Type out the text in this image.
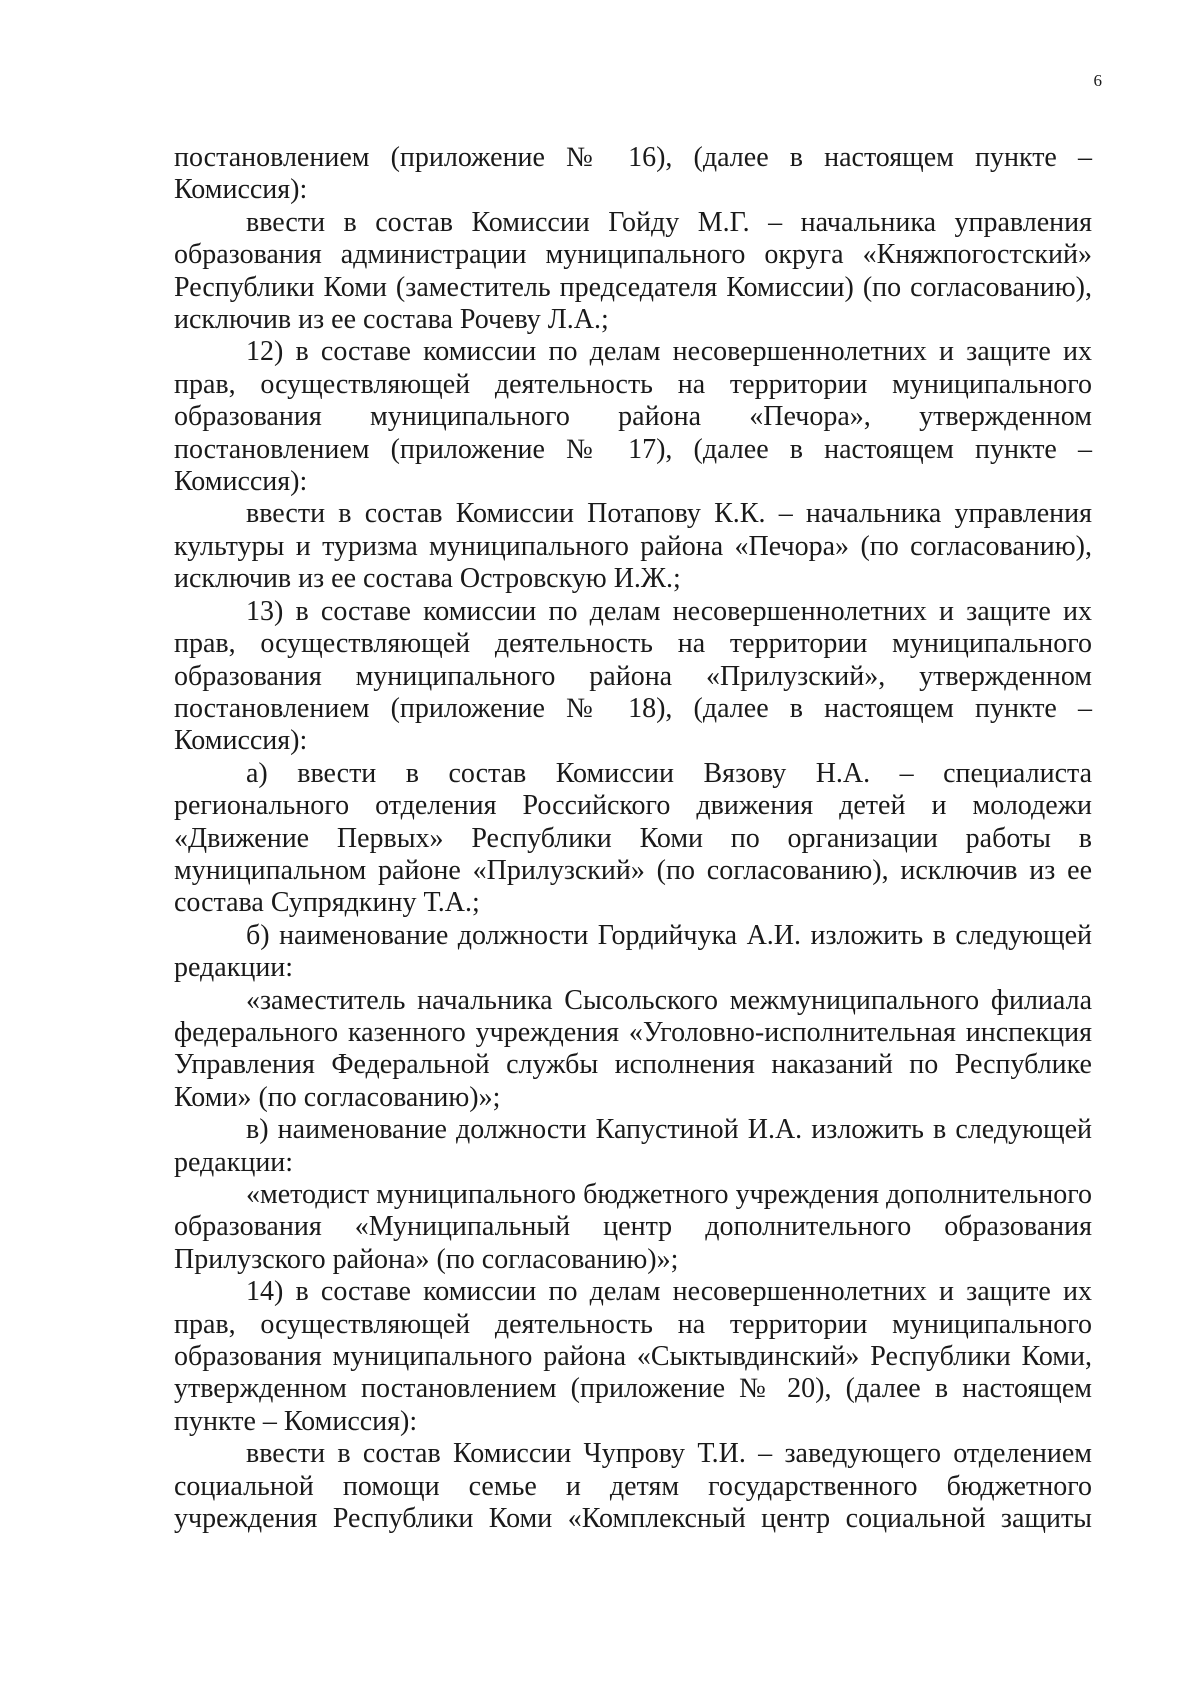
6

постановлением (приложение № 16), (далее в настоящем пункте – Комиссия):

ввести в состав Комиссии Гойду М.Г. – начальника управления образования администрации муниципального округа «Княжпогостский» Республики Коми (заместитель председателя Комиссии) (по согласованию), исключив из ее состава Рочеву Л.А.;

12) в составе комиссии по делам несовершеннолетних и защите их прав, осуществляющей деятельность на территории муниципального образования муниципального района «Печора», утвержденном постановлением (приложение № 17), (далее в настоящем пункте – Комиссия):

ввести в состав Комиссии Потапову К.К. – начальника управления культуры и туризма муниципального района «Печора» (по согласованию), исключив из ее состава Островскую И.Ж.;

13) в составе комиссии по делам несовершеннолетних и защите их прав, осуществляющей деятельность на территории муниципального образования муниципального района «Прилузский», утвержденном постановлением (приложение № 18), (далее в настоящем пункте – Комиссия):

а) ввести в состав Комиссии Вязову Н.А. – специалиста регионального отделения Российского движения детей и молодежи «Движение Первых» Республики Коми по организации работы в муниципальном районе «Прилузский» (по согласованию), исключив из ее состава Супрядкину Т.А.;

б) наименование должности Гордийчука А.И. изложить в следующей редакции:

«заместитель начальника Сысольского межмуниципального филиала федерального казенного учреждения «Уголовно-исполнительная инспекция Управления Федеральной службы исполнения наказаний по Республике Коми» (по согласованию)»;

в) наименование должности Капустиной И.А. изложить в следующей редакции:

«методист муниципального бюджетного учреждения дополнительного образования «Муниципальный центр дополнительного образования Прилузского района» (по согласованию)»;

14) в составе комиссии по делам несовершеннолетних и защите их прав, осуществляющей деятельность на территории муниципального образования муниципального района «Сыктывдинский» Республики Коми, утвержденном постановлением (приложение № 20), (далее в настоящем пункте – Комиссия):

ввести в состав Комиссии Чупрову Т.И. – заведующего отделением социальной помощи семье и детям государственного бюджетного учреждения Республики Коми «Комплексный центр социальной защиты
